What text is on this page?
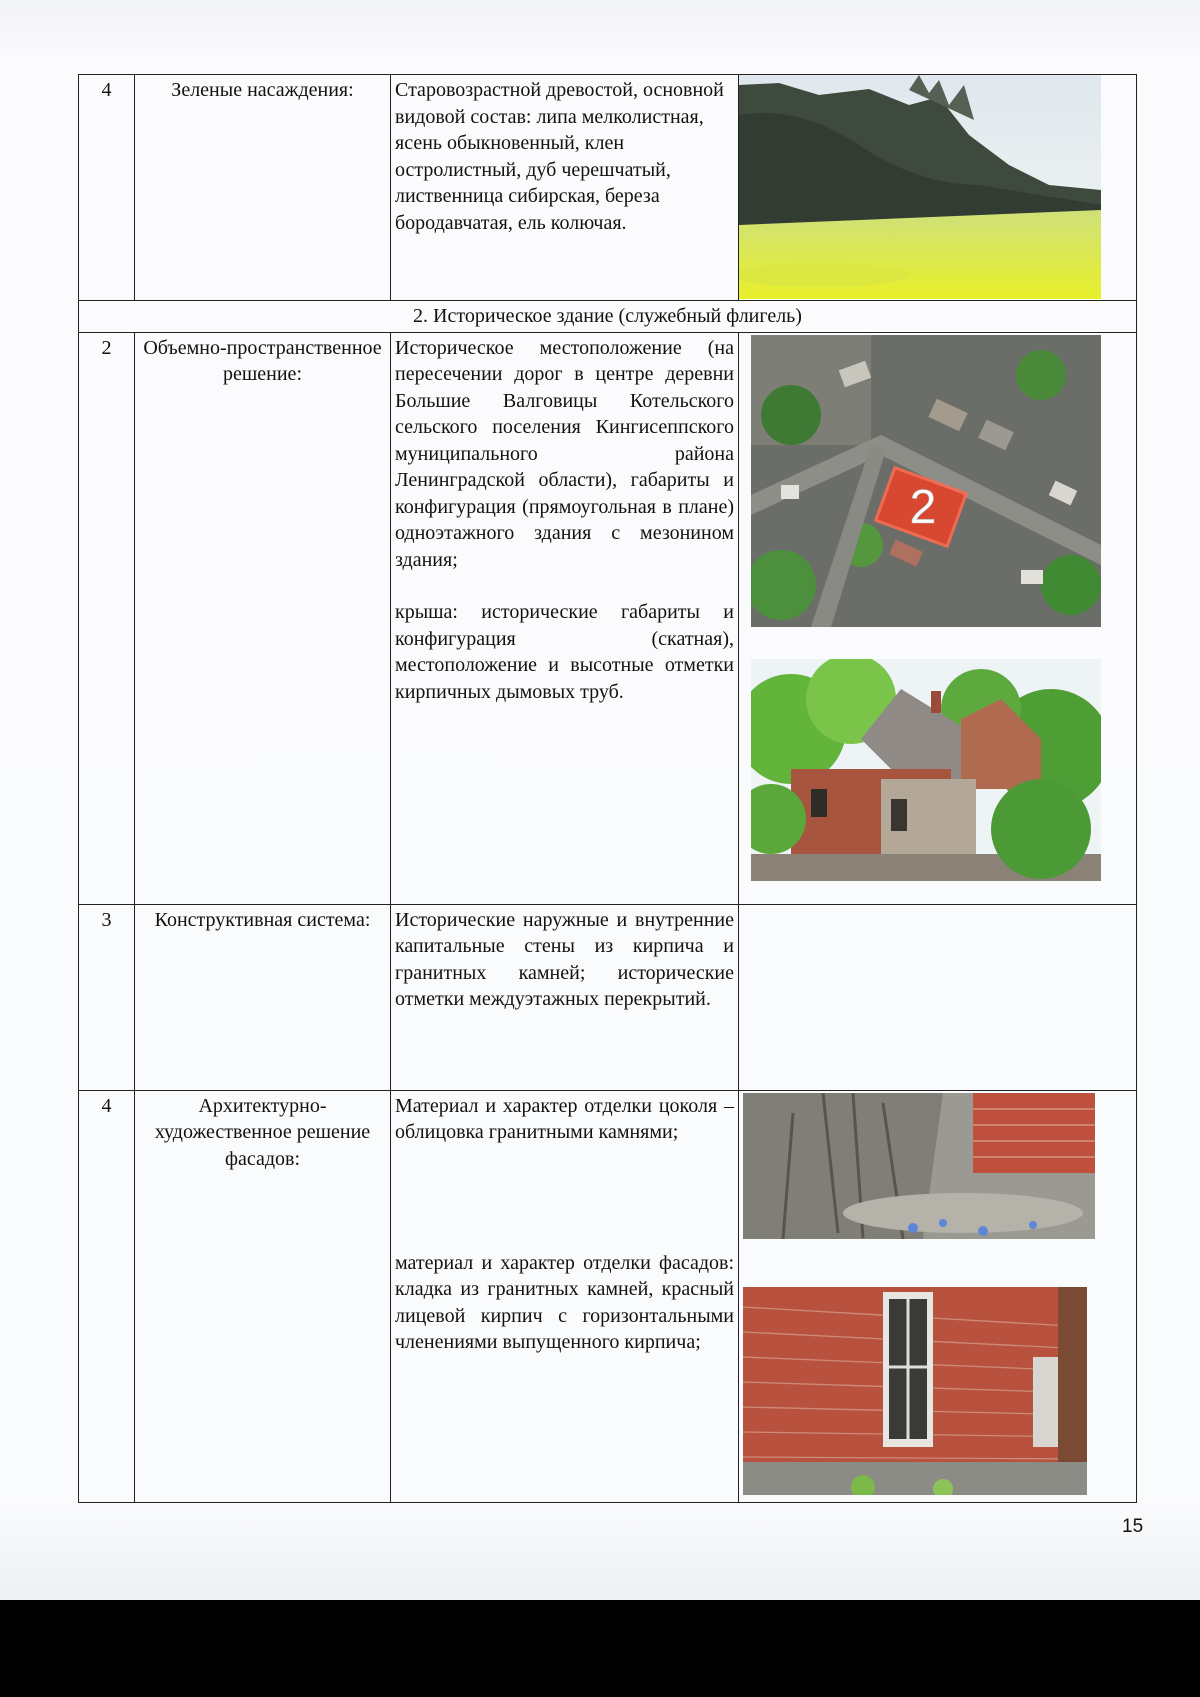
4	Зеленые насаждения:	Старовозрастной древостой, основной видовой состав: липа мелколистная, ясень обыкновенный, клен остролистный, дуб черешчатый, лиственница сибирская, береза бородавчатая, ель колючая.	

2. Историческое здание (служебный флигель)			
2	Объемно-пространственное решение:	Историческое местоположение (на пересечении дорог в центре деревни Большие Валговицы Котельского сельского поселения Кингисеппского муниципального района Ленинградской области), габариты и конфигурация (прямоугольная в плане) одноэтажного здания с мезонином здания;

крыша: исторические габариты и конфигурация (скатная), местоположение и высотные отметки кирпичных дымовых труб.	2

3	Конструктивная система:	Исторические наружные и внутренние капитальные стены из кирпича и гранитных камней; исторические отметки междуэтажных перекрытий.	
4	Архитектурно-художественное решение фасадов:	Материал и характер отделки цоколя – облицовка гранитными камнями;

материал и характер отделки фасадов: кладка из гранитных камней, красный лицевой кирпич с горизонтальными членениями выпущенного кирпича;

15
